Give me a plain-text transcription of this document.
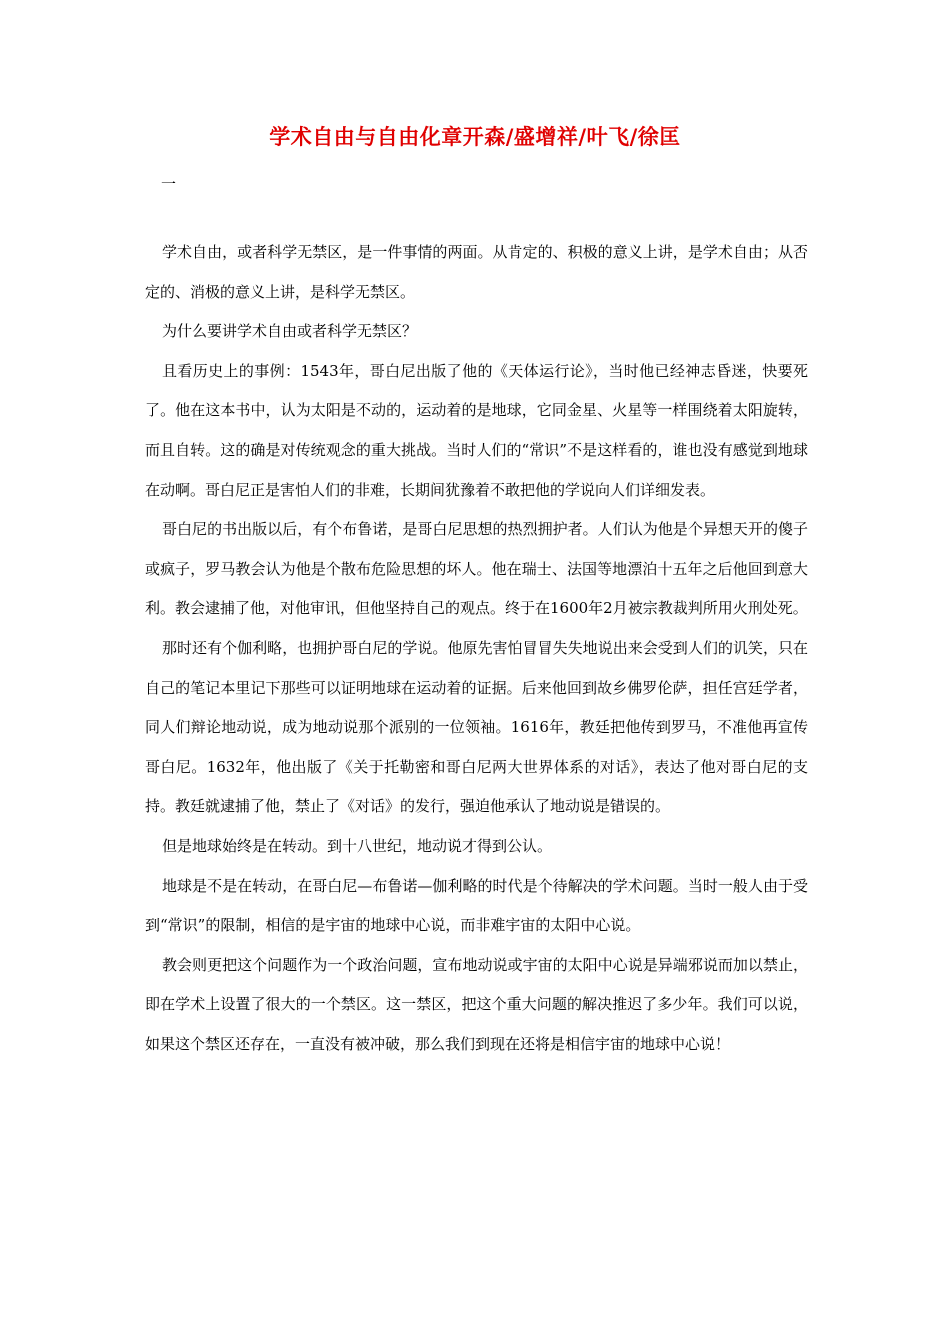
学术自由与自由化章开森/盛增祥/叶飞/徐匡
一

学术自由，或者科学无禁区，是一件事情的两面。从肯定的、积极的意义上讲，是学术自由；从否定的、消极的意义上讲，是科学无禁区。

为什么要讲学术自由或者科学无禁区？

且看历史上的事例：1543年，哥白尼出版了他的《天体运行论》，当时他已经神志昏迷，快要死了。他在这本书中，认为太阳是不动的，运动着的是地球，它同金星、火星等一样围绕着太阳旋转，而且自转。这的确是对传统观念的重大挑战。当时人们的“常识”不是这样看的，谁也没有感觉到地球在动啊。哥白尼正是害怕人们的非难，长期间犹豫着不敢把他的学说向人们详细发表。

哥白尼的书出版以后，有个布鲁诺，是哥白尼思想的热烈拥护者。人们认为他是个异想天开的傻子或疯子，罗马教会认为他是个散布危险思想的坏人。他在瑞士、法国等地漂泊十五年之后他回到意大利。教会逮捕了他，对他审讯，但他坚持自己的观点。终于在1600年2月被宗教裁判所用火刑处死。

那时还有个伽利略，也拥护哥白尼的学说。他原先害怕冒冒失失地说出来会受到人们的讥笑，只在自己的笔记本里记下那些可以证明地球在运动着的证据。后来他回到故乡佛罗伦萨，担任宫廷学者，同人们辩论地动说，成为地动说那个派别的一位领袖。1616年，教廷把他传到罗马，不准他再宣传哥白尼。1632年，他出版了《关于托勒密和哥白尼两大世界体系的对话》，表达了他对哥白尼的支持。教廷就逮捕了他，禁止了《对话》的发行，强迫他承认了地动说是错误的。

但是地球始终是在转动。到十八世纪，地动说才得到公认。

地球是不是在转动，在哥白尼—布鲁诺—伽利略的时代是个待解决的学术问题。当时一般人由于受到“常识”的限制，相信的是宇宙的地球中心说，而非难宇宙的太阳中心说。

教会则更把这个问题作为一个政治问题，宣布地动说或宇宙的太阳中心说是异端邪说而加以禁止，即在学术上设置了很大的一个禁区。这一禁区，把这个重大问题的解决推迟了多少年。我们可以说，如果这个禁区还存在，一直没有被冲破，那么我们到现在还将是相信宇宙的地球中心说！
